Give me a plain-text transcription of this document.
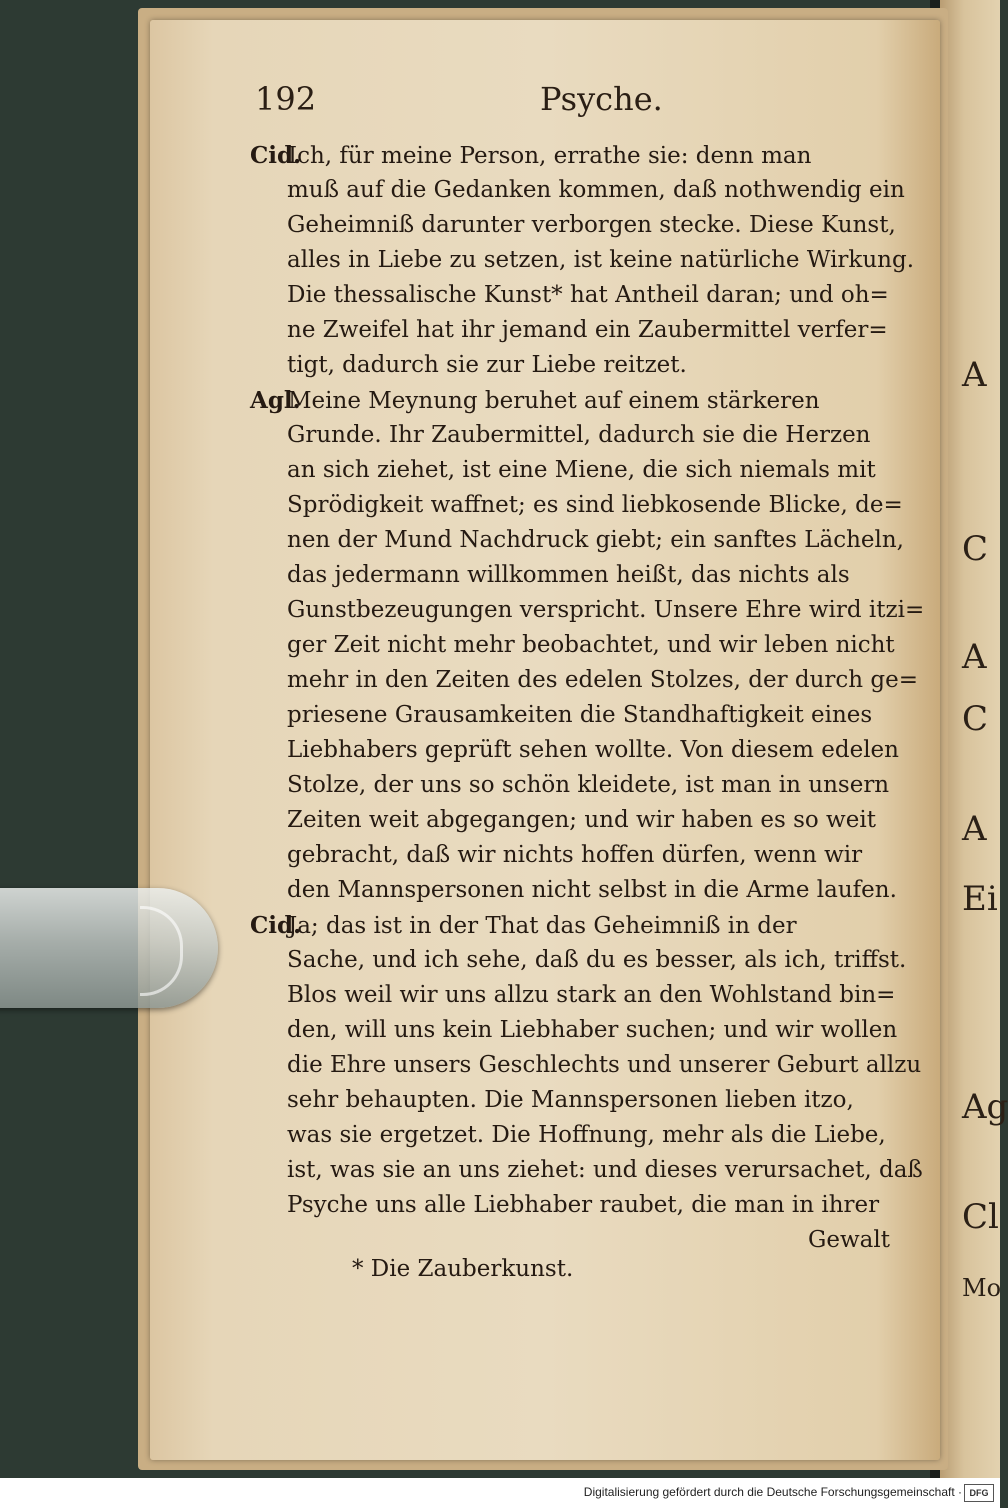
A
C
A
C
A
Ei
Ag
Cl
Mo
192	Psyche.
Cid.Ich, für meine Person, errathe sie: denn man
muß auf die Gedanken kommen, daß nothwendig ein
Geheimniß darunter verborgen stecke. Diese Kunst,
alles in Liebe zu setzen, ist keine natürliche Wirkung.
Die thessalische Kunst* hat Antheil daran; und oh=
ne Zweifel hat ihr jemand ein Zaubermittel verfer=
tigt, dadurch sie zur Liebe reitzet.
Agl.Meine Meynung beruhet auf einem stärkeren
Grunde. Ihr Zaubermittel, dadurch sie die Herzen
an sich ziehet, ist eine Miene, die sich niemals mit
Sprödigkeit waffnet; es sind liebkosende Blicke, de=
nen der Mund Nachdruck giebt; ein sanftes Lächeln,
das jedermann willkommen heißt, das nichts als
Gunstbezeugungen verspricht. Unsere Ehre wird itzi=
ger Zeit nicht mehr beobachtet, und wir leben nicht
mehr in den Zeiten des edelen Stolzes, der durch ge=
priesene Grausamkeiten die Standhaftigkeit eines
Liebhabers geprüft sehen wollte. Von diesem edelen
Stolze, der uns so schön kleidete, ist man in unsern
Zeiten weit abgegangen; und wir haben es so weit
gebracht, daß wir nichts hoffen dürfen, wenn wir
den Mannspersonen nicht selbst in die Arme laufen.
Cid.Ja; das ist in der That das Geheimniß in der
Sache, und ich sehe, daß du es besser, als ich, triffst.
Blos weil wir uns allzu stark an den Wohlstand bin=
den, will uns kein Liebhaber suchen; und wir wollen
die Ehre unsers Geschlechts und unserer Geburt allzu
sehr behaupten. Die Mannspersonen lieben itzo,
was sie ergetzet. Die Hoffnung, mehr als die Liebe,
ist, was sie an uns ziehet: und dieses verursachet, daß
Psyche uns alle Liebhaber raubet, die man in ihrer
Gewalt
* Die Zauberkunst.
Digitalisierung gefördert durch die Deutsche Forschungsgemeinschaft · DFG
